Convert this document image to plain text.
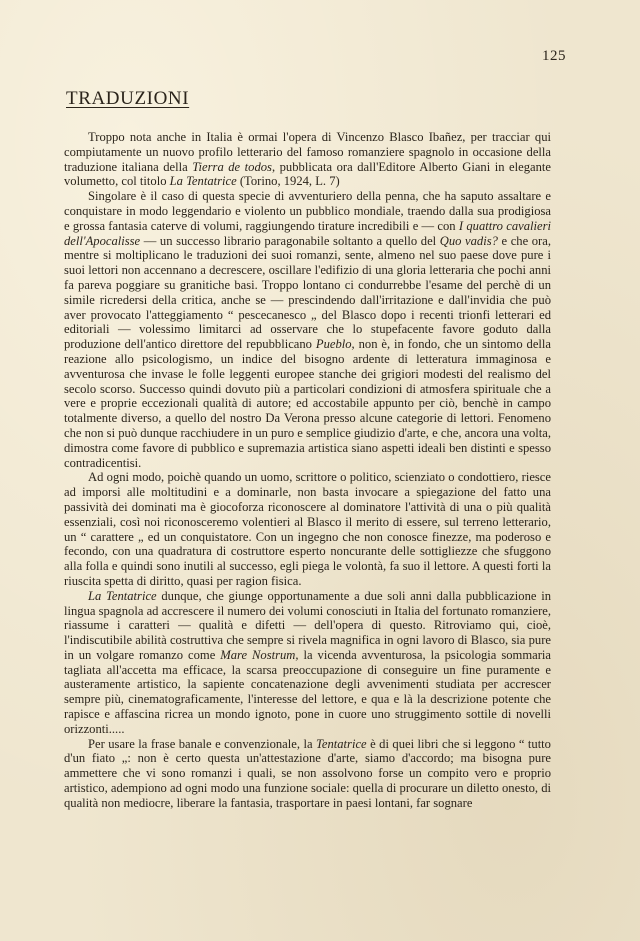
125
TRADUZIONI

Troppo nota anche in Italia è ormai l'opera di Vincenzo Blasco Ibañez, per tracciar qui compiutamente un nuovo profilo letterario del famoso romanziere spagnolo in occasione della traduzione italiana della Tierra de todos, pubblicata ora dall'Editore Alberto Giani in elegante volumetto, col titolo La Tentatrice (Torino, 1924, L. 7)

Singolare è il caso di questa specie di avventuriero della penna, che ha saputo assaltare e conquistare in modo leggendario e violento un pubblico mondiale, traendo dalla sua prodigiosa e grossa fantasia caterve di volumi, raggiungendo tirature incredibili e — con I quattro cavalieri dell'Apocalisse — un successo librario paragonabile soltanto a quello del Quo vadis? e che ora, mentre si moltiplicano le traduzioni dei suoi romanzi, sente, almeno nel suo paese dove pure i suoi lettori non accennano a decrescere, oscillare l'edifizio di una gloria letteraria che pochi anni fa pareva poggiare su granitiche basi. Troppo lontano ci condurrebbe l'esame del perchè di un simile ricredersi della critica, anche se — prescindendo dall'irritazione e dall'invidia che può aver provocato l'atteggiamento “ pescecanesco „ del Blasco dopo i recenti trionfi letterari ed editoriali — volessimo limitarci ad osservare che lo stupefacente favore goduto dalla produzione dell'antico direttore del repubblicano Pueblo, non è, in fondo, che un sintomo della reazione allo psicologismo, un indice del bisogno ardente di letteratura immaginosa e avventurosa che invase le folle leggenti europee stanche dei grigiori modesti del realismo del secolo scorso. Successo quindi dovuto più a particolari condizioni di atmosfera spirituale che a vere e proprie eccezionali qualità di autore; ed accostabile appunto per ciò, benchè in campo totalmente diverso, a quello del nostro Da Verona presso alcune categorie di lettori. Fenomeno che non si può dunque racchiudere in un puro e semplice giudizio d'arte, e che, ancora una volta, dimostra come favore di pubblico e supremazia artistica siano aspetti ideali ben distinti e spesso contradicentisi.

Ad ogni modo, poichè quando un uomo, scrittore o politico, scienziato o condottiero, riesce ad imporsi alle moltitudini e a dominarle, non basta invocare a spiegazione del fatto una passività dei dominati ma è giocoforza riconoscere al dominatore l'attività di una o più qualità essenziali, così noi riconosceremo volentieri al Blasco il merito di essere, sul terreno letterario, un “ carattere „ ed un conquistatore. Con un ingegno che non conosce finezze, ma poderoso e fecondo, con una quadratura di costruttore esperto noncurante delle sottigliezze che sfuggono alla folla e quindi sono inutili al successo, egli piega le volontà, fa suo il lettore. A questi forti la riuscita spetta di diritto, quasi per ragion fisica.

La Tentatrice dunque, che giunge opportunamente a due soli anni dalla pubblicazione in lingua spagnola ad accrescere il numero dei volumi conosciuti in Italia del fortunato romanziere, riassume i caratteri — qualità e difetti — dell'opera di questo. Ritroviamo qui, cioè, l'indiscutibile abilità costruttiva che sempre si rivela magnifica in ogni lavoro di Blasco, sia pure in un volgare romanzo come Mare Nostrum, la vicenda avventurosa, la psicologia sommaria tagliata all'accetta ma efficace, la scarsa preoccupazione di conseguire un fine puramente e austeramente artistico, la sapiente concatenazione degli avvenimenti studiata per accrescer sempre più, cinematograficamente, l'interesse del lettore, e qua e là la descrizione potente che rapisce e affascina ricrea un mondo ignoto, pone in cuore uno struggimento sottile di novelli orizzonti.....

Per usare la frase banale e convenzionale, la Tentatrice è di quei libri che si leggono “ tutto d'un fiato „: non è certo questa un'attestazione d'arte, siamo d'accordo; ma bisogna pure ammettere che vi sono romanzi i quali, se non assolvono forse un compito vero e proprio artistico, adempiono ad ogni modo una funzione sociale: quella di procurare un diletto onesto, di qualità non mediocre, liberare la fantasia, trasportare in paesi lontani, far sognare
